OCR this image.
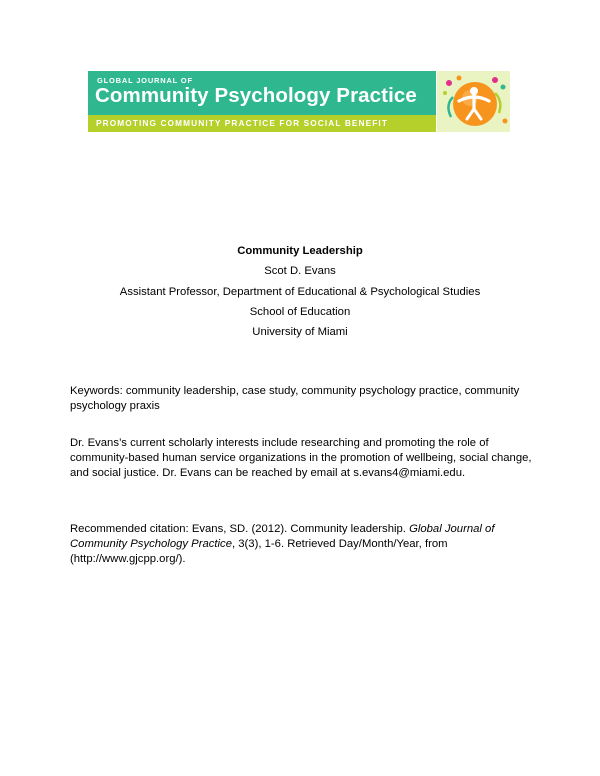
GLOBAL JOURNAL OF
Community Psychology Practice
PROMOTING COMMUNITY PRACTICE FOR SOCIAL BENEFIT
Community Leadership
Scot D. Evans
Assistant Professor, Department of Educational & Psychological Studies
School of Education
University of Miami
Keywords: community leadership, case study, community psychology practice, community psychology praxis
Dr. Evans’s current scholarly interests include researching and promoting the role of community-based human service organizations in the promotion of wellbeing, social change, and social justice. Dr. Evans can be reached by email at s.evans4@miami.edu.
Recommended citation: Evans, SD. (2012). Community leadership. Global Journal of Community Psychology Practice, 3(3), 1-6. Retrieved Day/Month/Year, from (http://www.gjcpp.org/).
